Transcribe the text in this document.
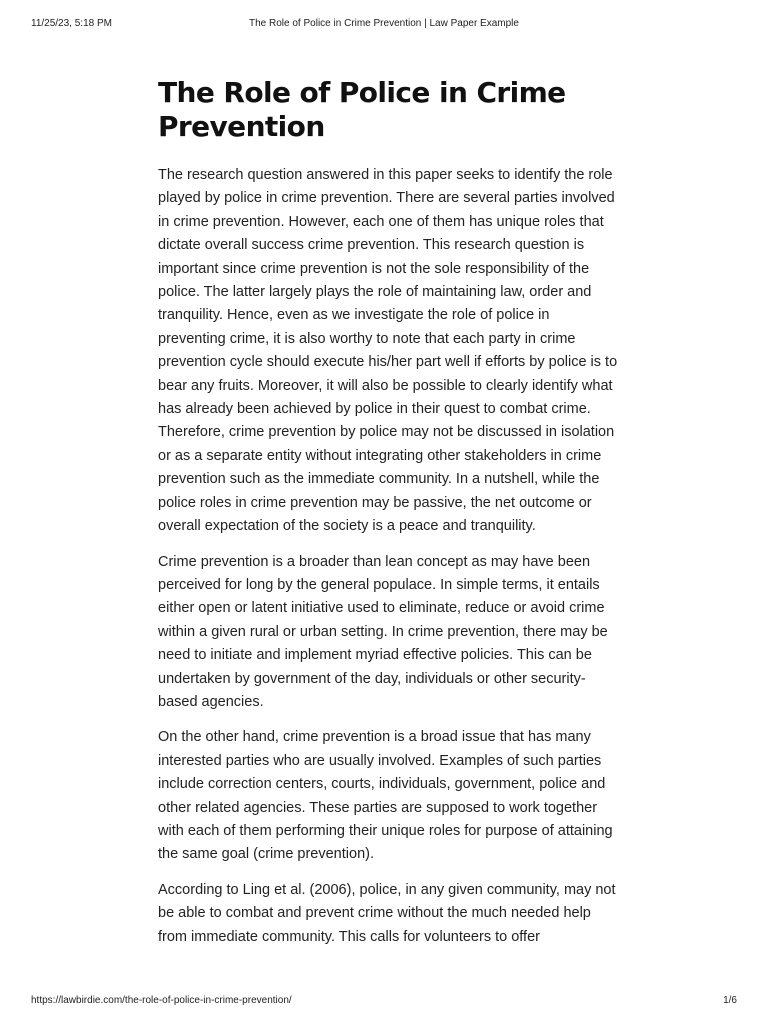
11/25/23, 5:18 PM	The Role of Police in Crime Prevention | Law Paper Example
The Role of Police in Crime Prevention

The research question answered in this paper seeks to identify the role played by police in crime prevention. There are several parties involved in crime prevention. However, each one of them has unique roles that dictate overall success crime prevention. This research question is important since crime prevention is not the sole responsibility of the police. The latter largely plays the role of maintaining law, order and tranquility. Hence, even as we investigate the role of police in preventing crime, it is also worthy to note that each party in crime prevention cycle should execute his/her part well if efforts by police is to bear any fruits. Moreover, it will also be possible to clearly identify what has already been achieved by police in their quest to combat crime. Therefore, crime prevention by police may not be discussed in isolation or as a separate entity without integrating other stakeholders in crime prevention such as the immediate community. In a nutshell, while the police roles in crime prevention may be passive, the net outcome or overall expectation of the society is a peace and tranquility.

Crime prevention is a broader than lean concept as may have been perceived for long by the general populace. In simple terms, it entails either open or latent initiative used to eliminate, reduce or avoid crime within a given rural or urban setting. In crime prevention, there may be need to initiate and implement myriad effective policies. This can be undertaken by government of the day, individuals or other security-based agencies.

On the other hand, crime prevention is a broad issue that has many interested parties who are usually involved. Examples of such parties include correction centers, courts, individuals, government, police and other related agencies. These parties are supposed to work together with each of them performing their unique roles for purpose of attaining the same goal (crime prevention).

According to Ling et al. (2006), police, in any given community, may not be able to combat and prevent crime without the much needed help from immediate community. This calls for volunteers to offer

https://lawbirdie.com/the-role-of-police-in-crime-prevention/	1/6
